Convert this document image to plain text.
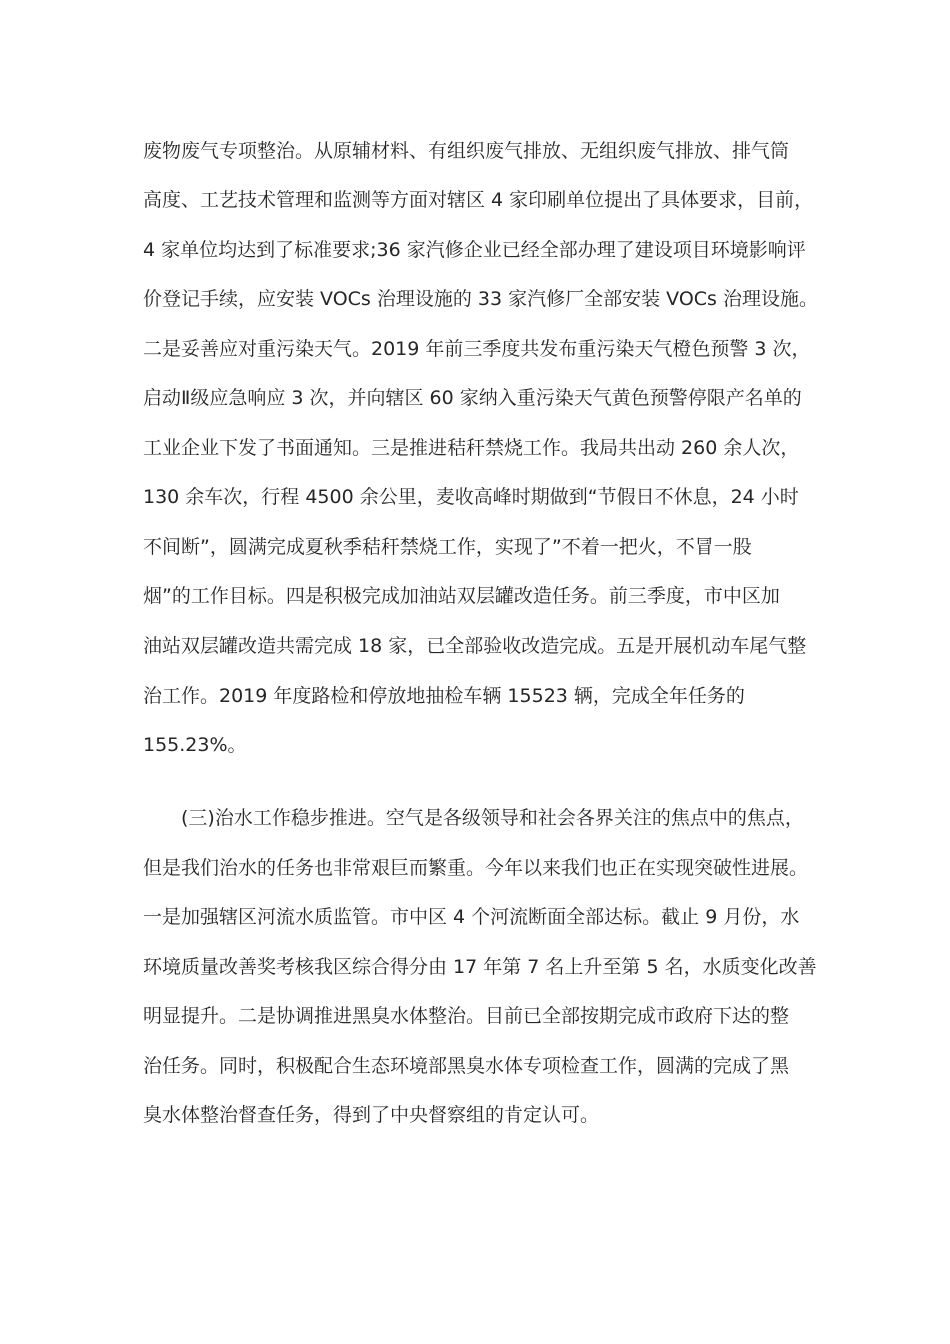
废物废气专项整治。从原辅材料、有组织废气排放、无组织废气排放、排气筒
高度、工艺技术管理和监测等方面对辖区 4 家印刷单位提出了具体要求，目前，
4 家单位均达到了标准要求;36 家汽修企业已经全部办理了建设项目环境影响评
价登记手续，应安装 VOCs 治理设施的 33 家汽修厂全部安装 VOCs 治理设施。
二是妥善应对重污染天气。2019 年前三季度共发布重污染天气橙色预警 3 次，
启动Ⅱ级应急响应 3 次，并向辖区 60 家纳入重污染天气黄色预警停限产名单的
工业企业下发了书面通知。三是推进秸秆禁烧工作。我局共出动 260 余人次，
130 余车次，行程 4500 余公里，麦收高峰时期做到“节假日不休息，24 小时
不间断”，圆满完成夏秋季秸秆禁烧工作，实现了”不着一把火，不冒一股
烟”的工作目标。四是积极完成加油站双层罐改造任务。前三季度，市中区加
油站双层罐改造共需完成 18 家，已全部验收改造完成。五是开展机动车尾气整
治工作。2019 年度路检和停放地抽检车辆 15523 辆，完成全年任务的
155.23%。
　　(三)治水工作稳步推进。空气是各级领导和社会各界关注的焦点中的焦点，
但是我们治水的任务也非常艰巨而繁重。今年以来我们也正在实现突破性进展。
一是加强辖区河流水质监管。市中区 4 个河流断面全部达标。截止 9 月份，水
环境质量改善奖考核我区综合得分由 17 年第 7 名上升至第 5 名，水质变化改善
明显提升。二是协调推进黑臭水体整治。目前已全部按期完成市政府下达的整
治任务。同时，积极配合生态环境部黑臭水体专项检查工作，圆满的完成了黑
臭水体整治督查任务，得到了中央督察组的肯定认可。
